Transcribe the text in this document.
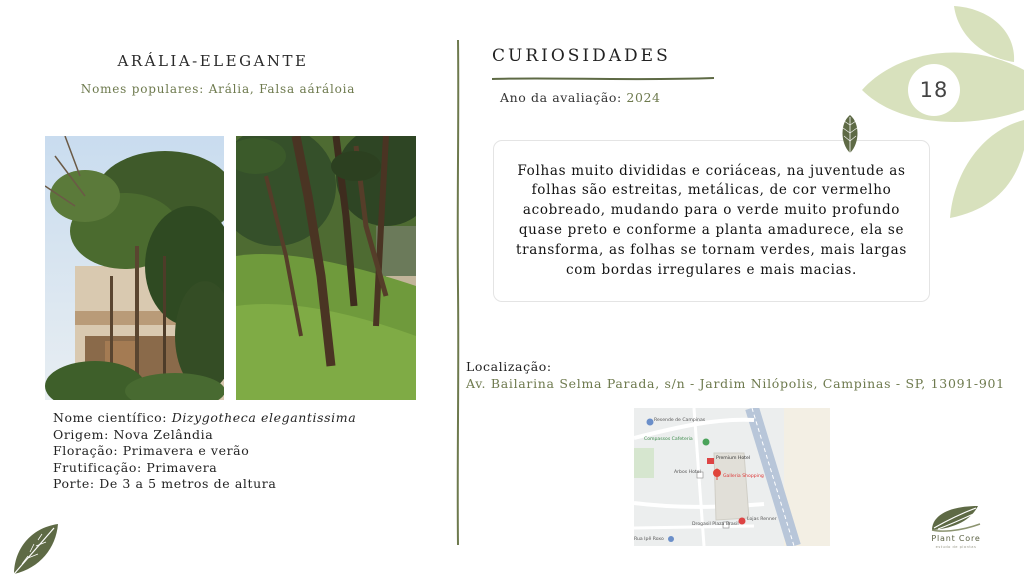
ARÁLIA-ELEGANTE
Nomes populares: Arália, Falsa aáráloia
Nome científico: Dizygotheca elegantissima
Origem: Nova Zelândia
Floração: Primavera e verão
Frutificação: Primavera
Porte: De 3 a 5 metros de altura
CURIOSIDADES
Ano da avaliação: 2024
Folhas muito divididas e coriáceas, na juventude as folhas são estreitas, metálicas, de cor vermelho acobreado, mudando para o verde muito profundo quase preto e conforme a planta amadurece, ela se transforma, as folhas se tornam verdes, mais largas com bordas irregulares e mais macias.
Localização:
Av. Bailarina Selma Parada, s/n - Jardim Nilópolis, Campinas - SP, 13091-901
Resende de Campinas
Compassos Cafeteria
Premium Hotel
Arbos Hotel
Galleria Shopping
Drogasil Plaza Brasil
Lojas Renner
Rua Ipê Roxo
18
Plant Core
estudo de plantas
